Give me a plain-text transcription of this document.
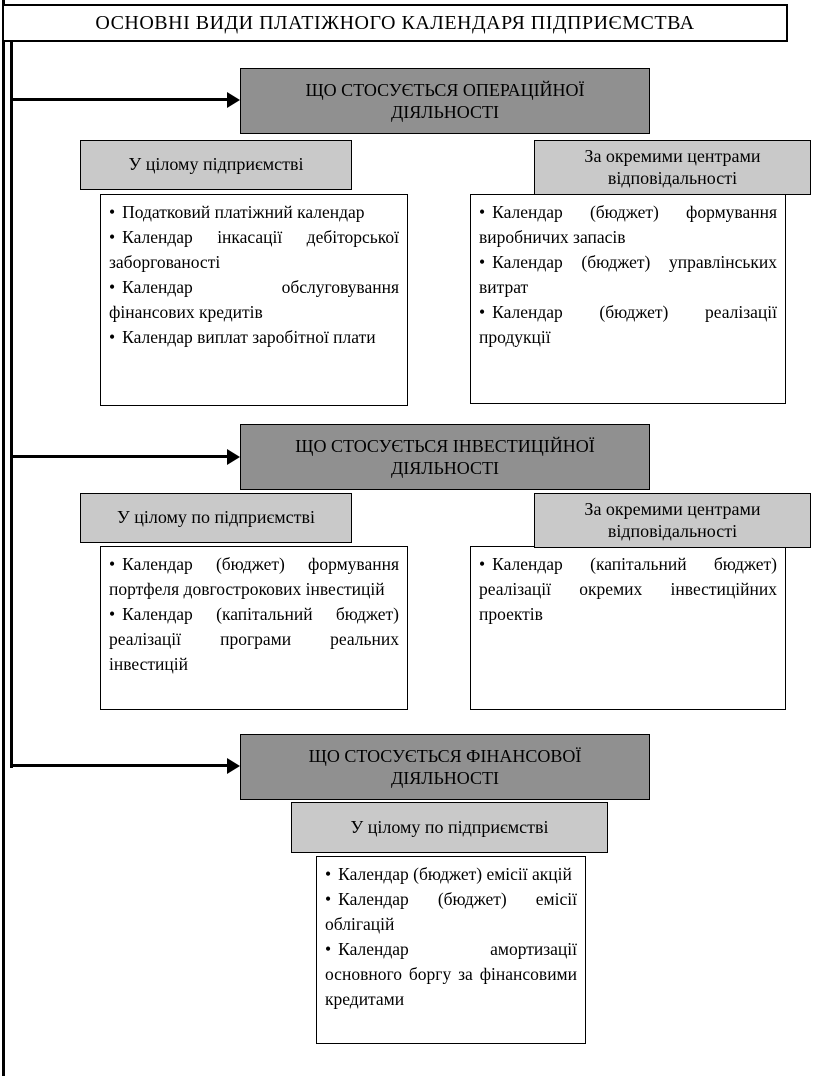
ОСНОВНІ ВИДИ ПЛАТІЖНОГО КАЛЕНДАРЯ ПІДПРИЄМСТВА
ЩО СТОСУЄТЬСЯ ОПЕРАЦІЙНОЇ ДІЯЛЬНОСТІ
У цілому підприємстві	За окремими центрами відповідальності

• Податковий платіжний календар

• Календар інкасації дебіторської заборгованості

• Календар обслуговування фінансових кредитів

• Календар виплат заробітної плати

• Календар (бюджет) формування виробничих запасів

• Календар (бюджет) управлінських витрат

• Календар (бюджет) реалізації продукції

ЩО СТОСУЄТЬСЯ ІНВЕСТИЦІЙНОЇ ДІЯЛЬНОСТІ
У цілому по підприємстві	За окремими центрами відповідальності

• Календар (бюджет) формування портфеля довгострокових інвестицій

• Календар (капітальний бюджет) реалізації програми реальних інвестицій

• Календар (капітальний бюджет) реалізації окремих інвестиційних проектів

ЩО СТОСУЄТЬСЯ ФІНАНСОВОЇ ДІЯЛЬНОСТІ
У цілому по підприємстві

• Календар (бюджет) емісії акцій

• Календар (бюджет) емісії облігацій

• Календар амортизації основного боргу за фінансовими кредитами
